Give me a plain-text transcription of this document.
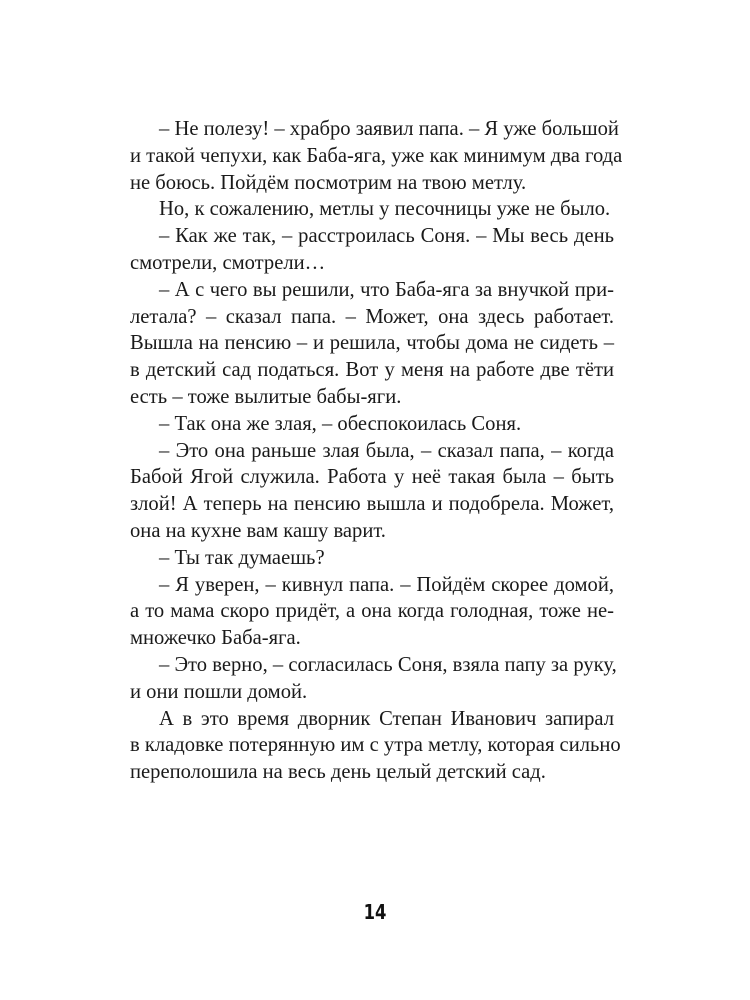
– Не полезу! – храбро заявил папа. – Я уже большой
и такой чепухи, как Баба-яга, уже как минимум два года
не боюсь. Пойдём посмотрим на твою метлу.
Но, к сожалению, метлы у песочницы уже не было.
– Как же так, – расстроилась Соня. – Мы весь день
смотрели, смотрели…
– А с чего вы решили, что Баба-яга за внучкой при-
летала? – сказал папа. – Может, она здесь работает.
Вышла на пенсию – и решила, чтобы дома не сидеть –
в детский сад податься. Вот у меня на работе две тёти
есть – тоже вылитые бабы-яги.
– Так она же злая, – обеспокоилась Соня.
– Это она раньше злая была, – сказал папа, – когда
Бабой Ягой служила. Работа у неё такая была – быть
злой! А теперь на пенсию вышла и подобрела. Может,
она на кухне вам кашу варит.
– Ты так думаешь?
– Я уверен, – кивнул папа. – Пойдём скорее домой,
а то мама скоро придёт, а она когда голодная, тоже не-
множечко Баба-яга.
– Это верно, – согласилась Соня, взяла папу за руку,
и они пошли домой.
А в это время дворник Степан Иванович запирал
в кладовке потерянную им с утра метлу, которая сильно
переполошила на весь день целый детский сад.
14
